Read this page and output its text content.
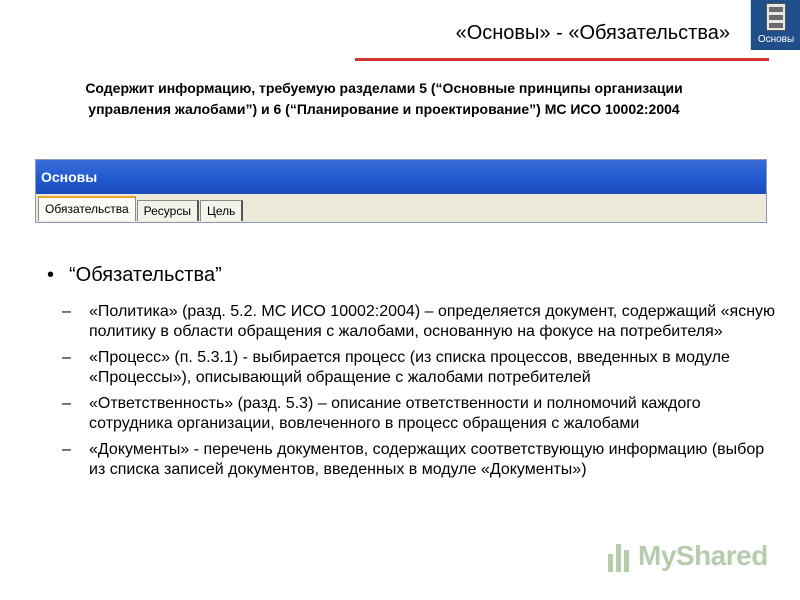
«Основы» - «Обязательства»	Основы
Содержит информацию, требуемую разделами 5 (“Основные принципы организации управления жалобами”) и 6 (“Планирование и проектирование”) МС ИСО 10002:2004
Основы
Обязательства	Ресурсы	Цель
• “Обязательства”
– «Политика» (разд. 5.2. МС ИСО 10002:2004) – определяется документ, содержащий «ясную политику в области обращения с жалобами, основанную на фокусе на потребителя»
– «Процесс» (п. 5.3.1) - выбирается процесс (из списка процессов, введенных в модуле «Процессы»), описывающий обращение с жалобами потребителей
– «Ответственность» (разд. 5.3) – описание ответственности и полномочий каждого сотрудника организации, вовлеченного в процесс обращения с жалобами
– «Документы» - перечень документов, содержащих соответствующую информацию (выбор из списка записей документов, введенных в модуле «Документы»)
MyShared
